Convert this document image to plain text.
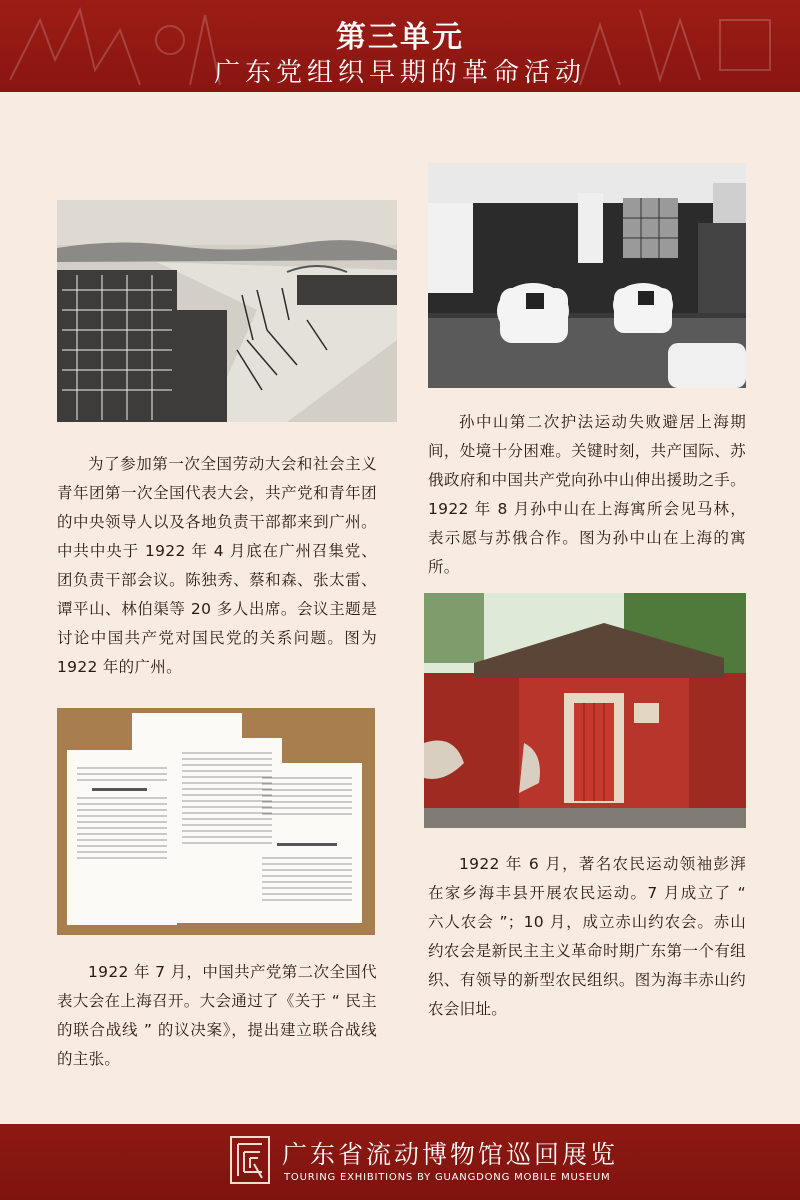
第三单元
广东党组织早期的革命活动
为了参加第一次全国劳动大会和社会主义青年团第一次全国代表大会，共产党和青年团的中央领导人以及各地负责干部都来到广州。中共中央于 1922 年 4 月底在广州召集党、团负责干部会议。陈独秀、蔡和森、张太雷、谭平山、林伯渠等 20 多人出席。会议主题是讨论中国共产党对国民党的关系问题。图为 1922 年的广州。
孙中山第二次护法运动失败避居上海期间，处境十分困难。关键时刻，共产国际、苏俄政府和中国共产党向孙中山伸出援助之手。1922 年 8 月孙中山在上海寓所会见马林，表示愿与苏俄合作。图为孙中山在上海的寓所。
1922 年 7 月，中国共产党第二次全国代表大会在上海召开。大会通过了《关于 “ 民主的联合战线 ” 的议决案》，提出建立联合战线的主张。
1922 年 6 月，著名农民运动领袖彭湃在家乡海丰县开展农民运动。7 月成立了 “ 六人农会 ”；10 月，成立赤山约农会。赤山约农会是新民主主义革命时期广东第一个有组织、有领导的新型农民组织。图为海丰赤山约农会旧址。
广东省流动博物馆巡回展览
TOURING EXHIBITIONS BY GUANGDONG MOBILE MUSEUM
